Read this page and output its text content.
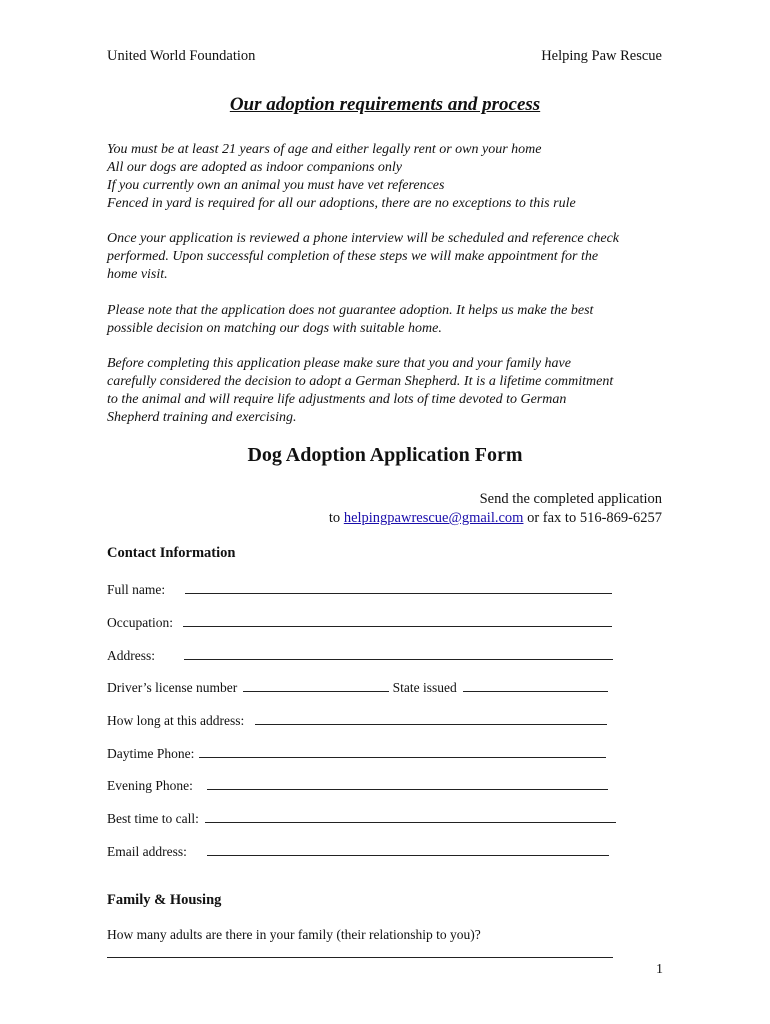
United World Foundation	Helping Paw Rescue
Our adoption requirements and process
You must be at least 21 years of age and either legally rent or own your home
All our dogs are adopted as indoor companions only
If you currently own an animal you must have vet references
Fenced in yard is required for all our adoptions, there are no exceptions to this rule
Once your application is reviewed a phone interview will be scheduled and reference check
performed. Upon successful completion of these steps we will make appointment for the
home visit.
Please note that the application does not guarantee adoption. It helps us make the best
possible decision on matching our dogs with suitable home.
Before completing this application please make sure that you and your family have
carefully considered the decision to adopt a German Shepherd. It is a lifetime commitment
to the animal and will require life adjustments and lots of time devoted to German
Shepherd training and exercising.
Dog Adoption Application Form
Send the completed application
to helpingpawrescue@gmail.com or fax to 516-869-6257
Contact Information
Full name:
Occupation:
Address:
Driver’s license number	State issued
How long at this address:
Daytime Phone:
Evening Phone:
Best time to call:
Email address:
Family & Housing
How many adults are there in your family (their relationship to you)?
1
